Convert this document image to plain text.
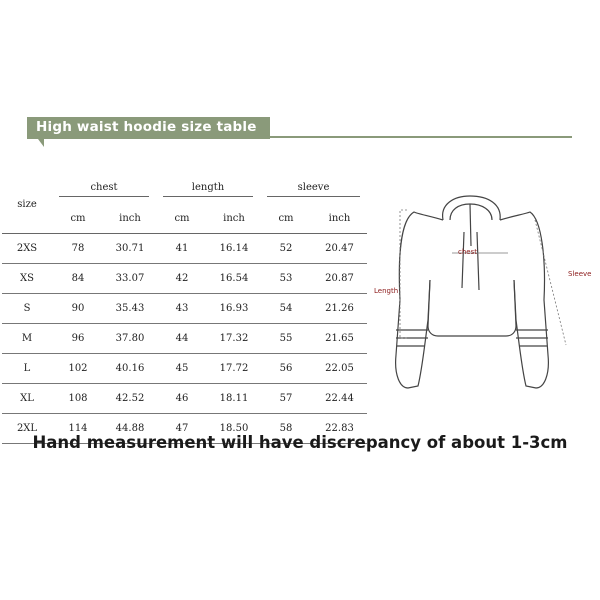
High waist hoodie size table
size	chest		length		sleeve	
	cm	inch	cm	inch	cm	inch
2XS	78	30.71	41	16.14	52	20.47
XS	84	33.07	42	16.54	53	20.87
S	90	35.43	43	16.93	54	21.26
M	96	37.80	44	17.32	55	21.65
L	102	40.16	45	17.72	56	22.05
XL	108	42.52	46	18.11	57	22.44
2XL	114	44.88	47	18.50	58	22.83
chest
Length
Sleeve
Hand measurement will have discrepancy of about 1-3cm
